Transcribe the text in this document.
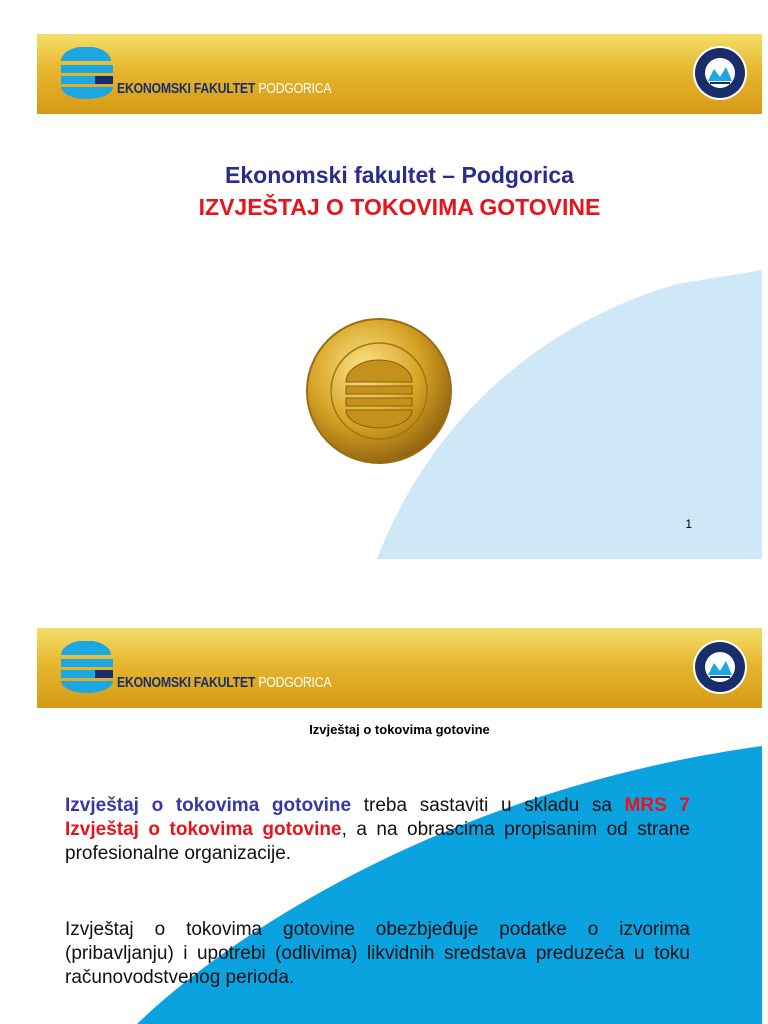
EKONOMSKI FAKULTET PODGORICA
Ekonomski fakultet – Podgorica
IZVJEŠTAJ O TOKOVIMA GOTOVINE
1
EKONOMSKI FAKULTET PODGORICA
Izvještaj o tokovima gotovine
Izvještaj o tokovima gotovine treba sastaviti u skladu sa MRS 7 Izvještaj o tokovima gotovine, a na obrascima propisanim od strane profesionalne organizacije.
Izvještaj o tokovima gotovine obezbjeđuje podatke o izvorima (pribavljanju) i upotrebi (odlivima) likvidnih sredstava preduzeća u toku računovodstvenog perioda.
